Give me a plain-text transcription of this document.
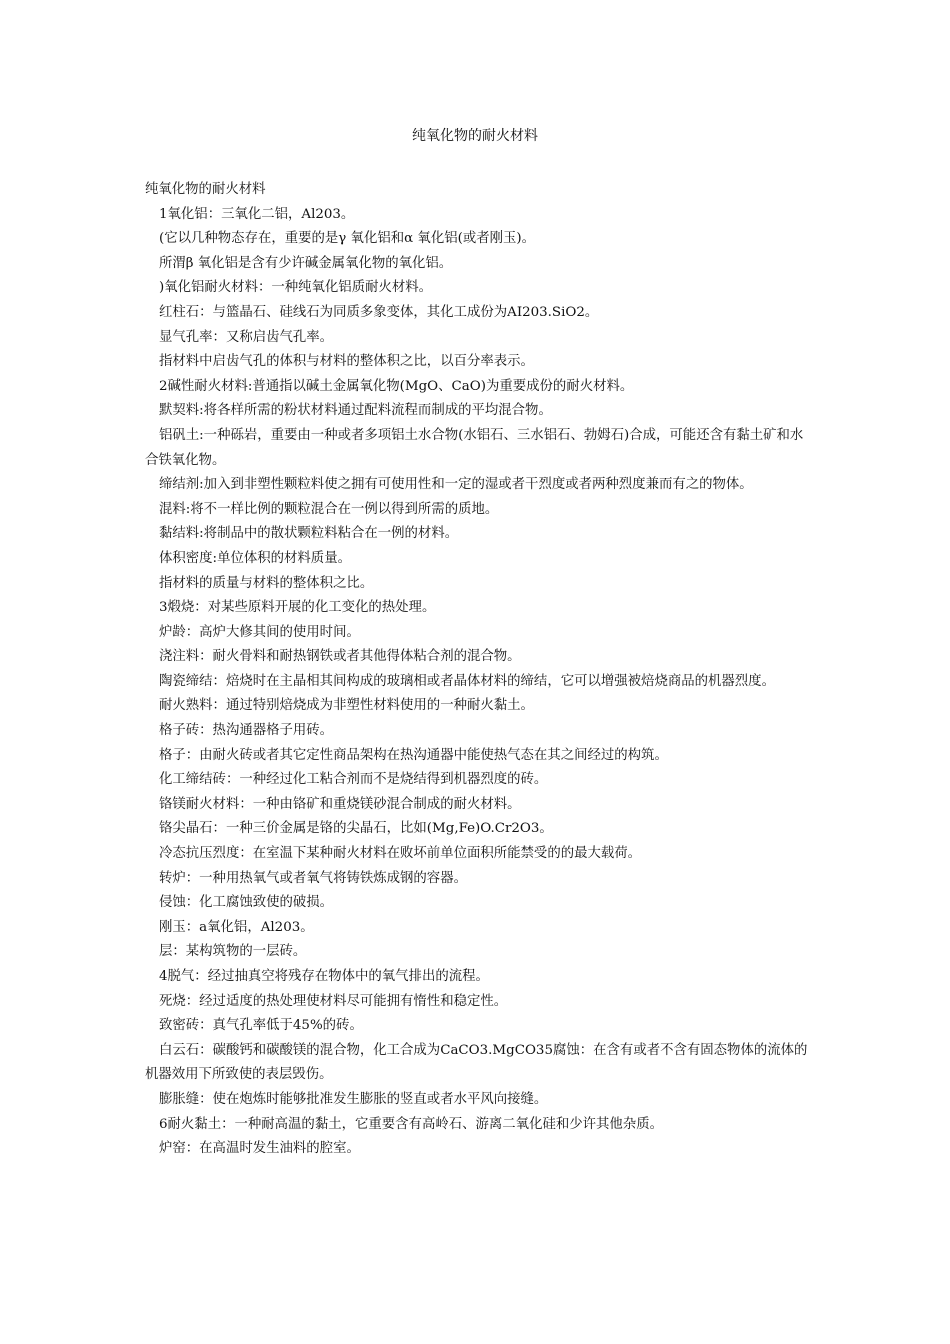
纯氧化物的耐火材料

纯氧化物的耐火材料

1氧化铝：三氧化二铝，Al203。

(它以几种物态存在，重要的是γ 氧化铝和α 氧化铝(或者刚玉)。

所渭β 氧化铝是含有少许碱金属氧化物的氧化铝。

)氧化铝耐火材料：一种纯氧化铝质耐火材料。

红柱石：与篮晶石、硅线石为同质多象变体，其化工成份为AI203.SiO2。

显气孔率：又称启齿气孔率。

指材料中启齿气孔的体积与材料的整体积之比，以百分率表示。

2碱性耐火材料:普通指以碱土金属氧化物(MgO、CaO)为重要成份的耐火材料。

默契料:将各样所需的粉状材料通过配料流程而制成的平均混合物。

铝矾土:一种砾岩，重要由一种或者多项铝土水合物(水铝石、三水铝石、勃姆石)合成，可能还含有黏土矿和水合铁氧化物。

缔结剂:加入到非塑性颗粒料使之拥有可使用性和一定的湿或者干烈度或者两种烈度兼而有之的物体。

混料:将不一样比例的颗粒混合在一例以得到所需的质地。

黏结料:将制品中的散状颗粒料粘合在一例的材料。

体积密度:单位体积的材料质量。

指材料的质量与材料的整体积之比。

3煅烧：对某些原料开展的化工变化的热处理。

炉龄：高炉大修其间的使用时间。

浇注料：耐火骨料和耐热钢铁或者其他得体粘合剂的混合物。

陶瓷缔结：焙烧时在主晶相其间构成的玻璃相或者晶体材料的缔结，它可以增强被焙烧商品的机器烈度。

耐火熟料：通过特别焙烧成为非塑性材料使用的一种耐火黏土。

格子砖：热沟通器格子用砖。

格子：由耐火砖或者其它定性商品架构在热沟通器中能使热气态在其之间经过的构筑。

化工缔结砖：一种经过化工粘合剂而不是烧结得到机器烈度的砖。

铬镁耐火材料：一种由铬矿和重烧镁砂混合制成的耐火材料。

铬尖晶石：一种三价金属是铬的尖晶石，比如(Mg,Fe)O.Cr2O3。

冷态抗压烈度：在室温下某种耐火材料在败坏前单位面积所能禁受的的最大载荷。

转炉：一种用热氧气或者氧气将铸铁炼成钢的容器。

侵蚀：化工腐蚀致使的破损。

刚玉：a氧化铝，Al203。

层：某构筑物的一层砖。

4脱气：经过抽真空将残存在物体中的氧气排出的流程。

死烧：经过适度的热处理使材料尽可能拥有惰性和稳定性。

致密砖：真气孔率低于45%的砖。

白云石：碳酸钙和碳酸镁的混合物，化工合成为CaCO3.MgCO35腐蚀：在含有或者不含有固态物体的流体的机器效用下所致使的表层毁伤。

膨胀缝：使在炮炼时能够批准发生膨胀的竖直或者水平风向接缝。

6耐火黏土：一种耐高温的黏土，它重要含有高岭石、游离二氧化硅和少许其他杂质。

炉窑：在高温时发生油料的腔室。
